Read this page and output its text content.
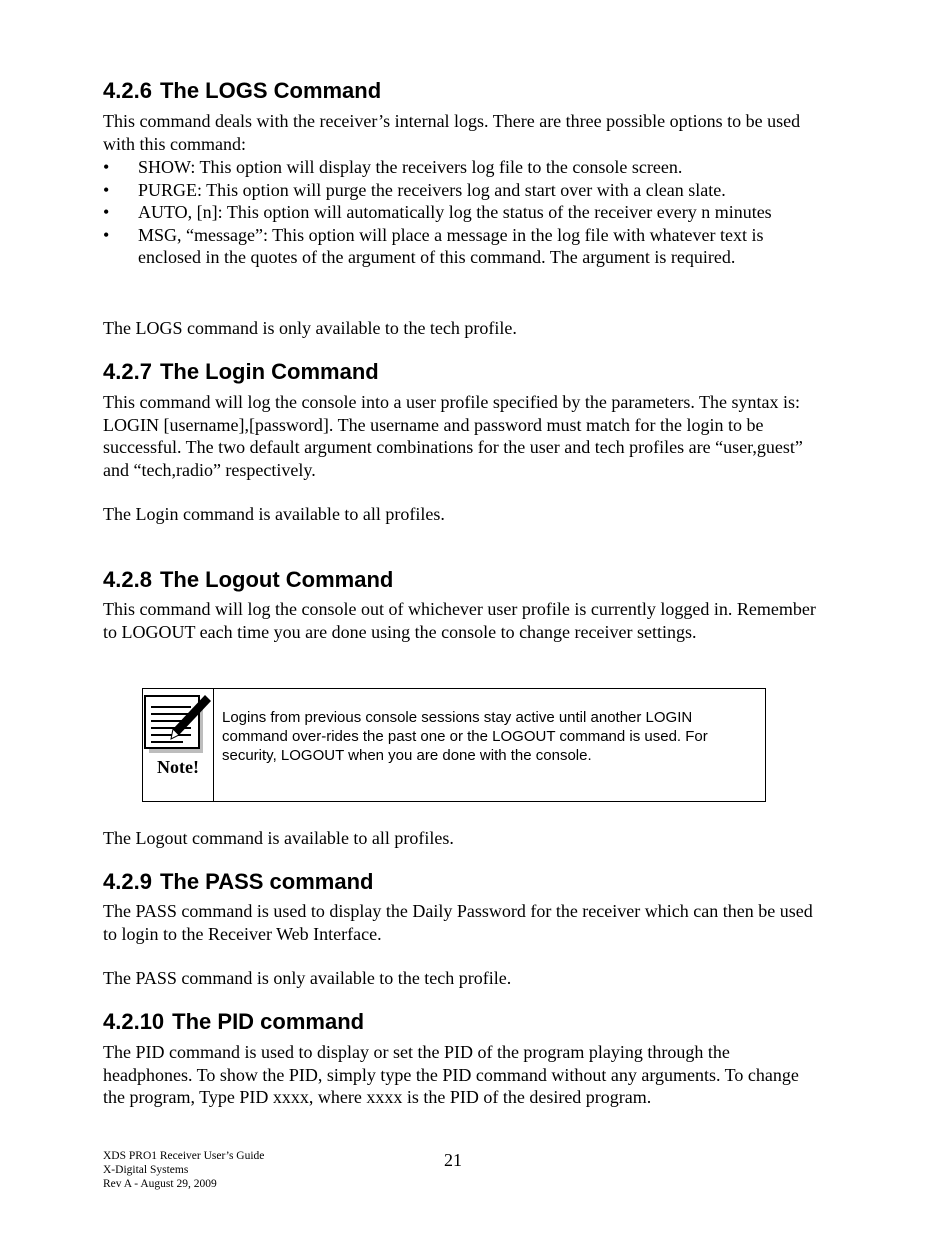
4.2.6 The LOGS Command

This command deals with the receiver’s internal logs. There are three possible options to be used with this command:

• SHOW: This option will display the receivers log file to the console screen.
• PURGE: This option will purge the receivers log and start over with a clean slate.
• AUTO, [n]: This option will automatically log the status of the receiver every n minutes
• MSG, “message”: This option will place a message in the log file with whatever text is enclosed in the quotes of the argument of this command. The argument is required.

The LOGS command is only available to the tech profile.

4.2.7 The Login Command

This command will log the console into a user profile specified by the parameters. The syntax is: LOGIN [username],[password]. The username and password must match for the login to be successful. The two default argument combinations for the user and tech profiles are “user,guest” and “tech,radio” respectively.

The Login command is available to all profiles.

4.2.8 The Logout Command

This command will log the console out of whichever user profile is currently logged in. Remember to LOGOUT each time you are done using the console to change receiver settings.

The Logout command is available to all profiles.

4.2.9 The PASS command

The PASS command is used to display the Daily Password for the receiver which can then be used to login to the Receiver Web Interface.

The PASS command is only available to the tech profile.

4.2.10 The PID command

The PID command is used to display or set the PID of the program playing through the headphones. To show the PID, simply type the PID command without any arguments. To change the program, Type PID xxxx, where xxxx is the PID of the desired program.

Note!
Logins from previous console sessions stay active until another LOGIN command over-rides the past one or the LOGOUT command is used. For security, LOGOUT when you are done with the console.
XDS PRO1 Receiver User’s Guide
X-Digital Systems
Rev A - August 29, 2009
21
